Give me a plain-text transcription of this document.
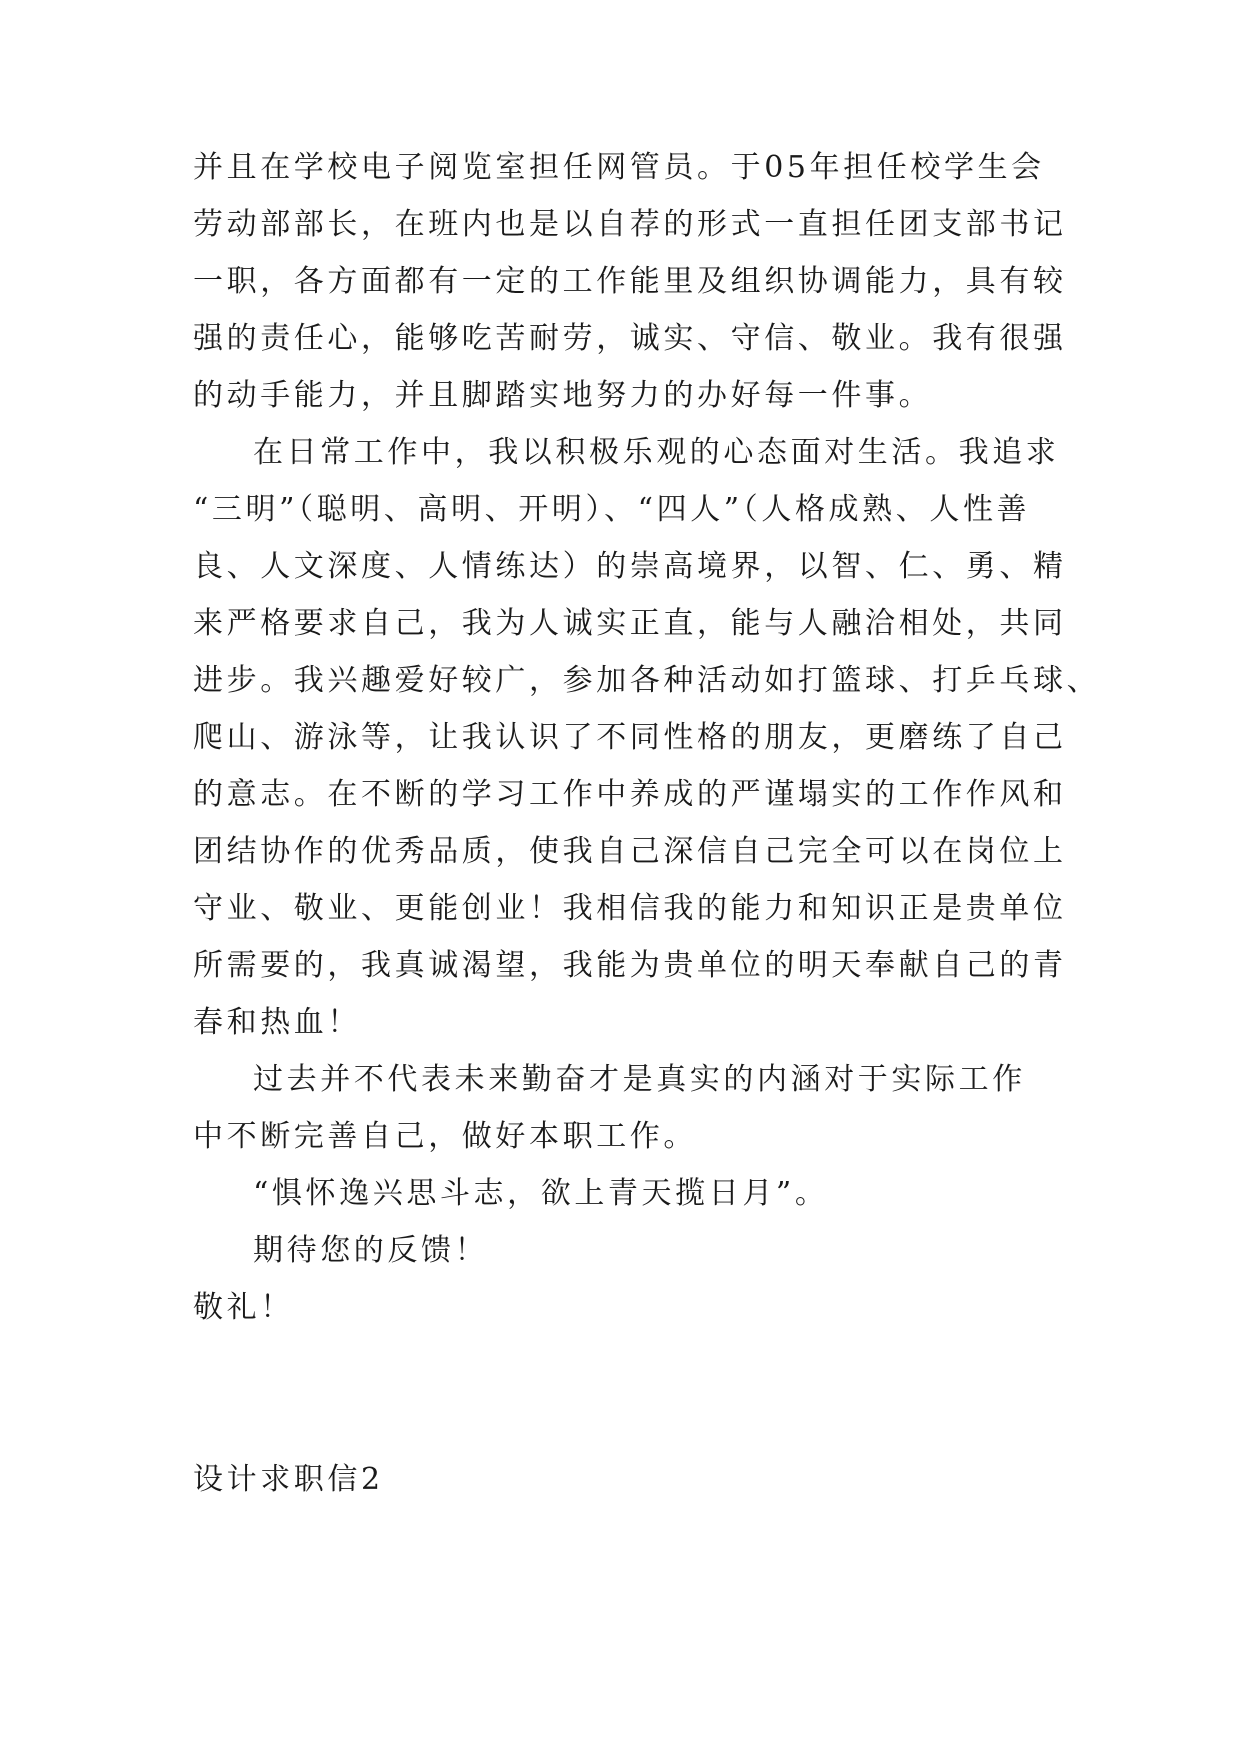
并且在学校电子阅览室担任网管员。于05年担任校学生会
劳动部部长，在班内也是以自荐的形式一直担任团支部书记
一职，各方面都有一定的工作能里及组织协调能力，具有较
强的责任心，能够吃苦耐劳，诚实、守信、敬业。我有很强
的动手能力，并且脚踏实地努力的办好每一件事。
在日常工作中，我以积极乐观的心态面对生活。我追求
“三明”（聪明、高明、开明）、“四人”（人格成熟、人性善
良、人文深度、人情练达）的崇高境界，以智、仁、勇、精
来严格要求自己，我为人诚实正直，能与人融洽相处，共同
进步。我兴趣爱好较广，参加各种活动如打篮球、打乒乓球、
爬山、游泳等，让我认识了不同性格的朋友，更磨练了自己
的意志。在不断的学习工作中养成的严谨塌实的工作作风和
团结协作的优秀品质，使我自己深信自己完全可以在岗位上
守业、敬业、更能创业！我相信我的能力和知识正是贵单位
所需要的，我真诚渴望，我能为贵单位的明天奉献自己的青
春和热血！
过去并不代表未来勤奋才是真实的内涵对于实际工作
中不断完善自己，做好本职工作。
“惧怀逸兴思斗志，欲上青天揽日月”。
期待您的反馈！
敬礼！
设计求职信2
